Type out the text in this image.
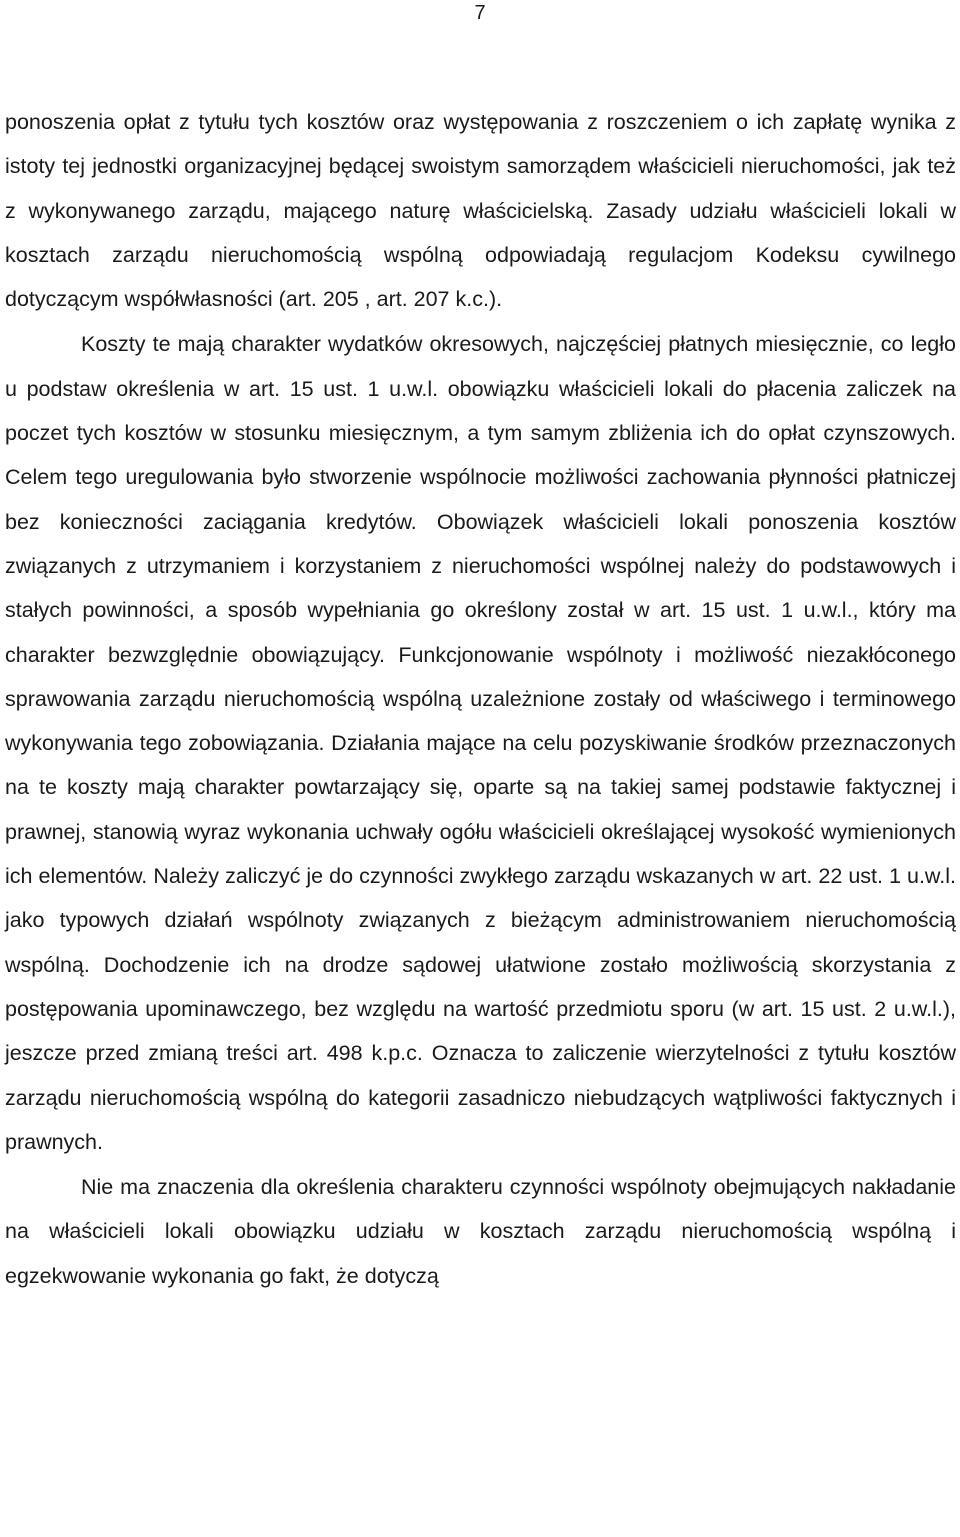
7

ponoszenia opłat z tytułu tych kosztów oraz występowania z roszczeniem o ich zapłatę wynika z istoty tej jednostki organizacyjnej będącej swoistym samorządem właścicieli nieruchomości, jak też z wykonywanego zarządu, mającego naturę właścicielską. Zasady udziału właścicieli lokali w kosztach zarządu nieruchomością wspólną odpowiadają regulacjom Kodeksu cywilnego dotyczącym współwłasności (art. 205 , art. 207 k.c.).

Koszty te mają charakter wydatków okresowych, najczęściej płatnych miesięcznie, co legło u podstaw określenia w art. 15 ust. 1 u.w.l. obowiązku właścicieli lokali do płacenia zaliczek na poczet tych kosztów w stosunku miesięcznym, a tym samym zbliżenia ich do opłat czynszowych. Celem tego uregulowania było stworzenie wspólnocie możliwości zachowania płynności płatniczej bez konieczności zaciągania kredytów. Obowiązek właścicieli lokali ponoszenia kosztów związanych z utrzymaniem i korzystaniem z nieruchomości wspólnej należy do podstawowych i stałych powinności, a sposób wypełniania go określony został w art. 15 ust. 1 u.w.l., który ma charakter bezwzględnie obowiązujący. Funkcjonowanie wspólnoty i możliwość niezakłóconego sprawowania zarządu nieruchomością wspólną uzależnione zostały od właściwego i terminowego wykonywania tego zobowiązania. Działania mające na celu pozyskiwanie środków przeznaczonych na te koszty mają charakter powtarzający się, oparte są na takiej samej podstawie faktycznej i prawnej, stanowią wyraz wykonania uchwały ogółu właścicieli określającej wysokość wymienionych ich elementów. Należy zaliczyć je do czynności zwykłego zarządu wskazanych w art. 22 ust. 1 u.w.l. jako typowych działań wspólnoty związanych z bieżącym administrowaniem nieruchomością wspólną. Dochodzenie ich na drodze sądowej ułatwione zostało możliwością skorzystania z postępowania upominawczego, bez względu na wartość przedmiotu sporu (w art. 15 ust. 2 u.w.l.), jeszcze przed zmianą treści art. 498 k.p.c. Oznacza to zaliczenie wierzytelności z tytułu kosztów zarządu nieruchomością wspólną do kategorii zasadniczo niebudzących wątpliwości faktycznych i prawnych.

Nie ma znaczenia dla określenia charakteru czynności wspólnoty obejmujących nakładanie na właścicieli lokali obowiązku udziału w kosztach zarządu nieruchomością wspólną i egzekwowanie wykonania go fakt, że dotyczą
